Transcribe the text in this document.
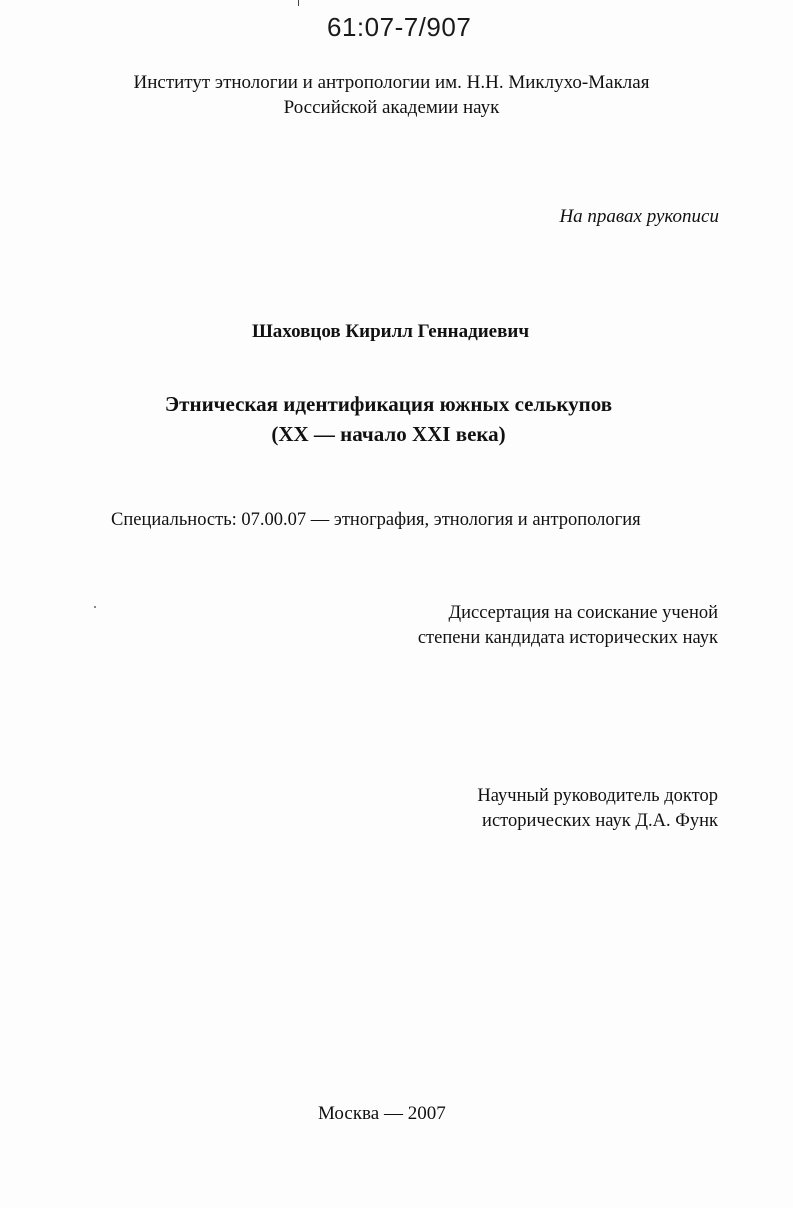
61:07-7/907
Институт этнологии и антропологии им. Н.Н. Миклухо-Маклая
Российской академии наук
На правах рукописи
Шаховцов Кирилл Геннадиевич
Этническая идентификация южных селькупов
(XX — начало XXI века)
Специальность: 07.00.07 — этнография, этнология и антропология
Диссертация на соискание ученой
степени кандидата исторических наук
Научный руководитель доктор
исторических наук Д.А. Функ
Москва — 2007
